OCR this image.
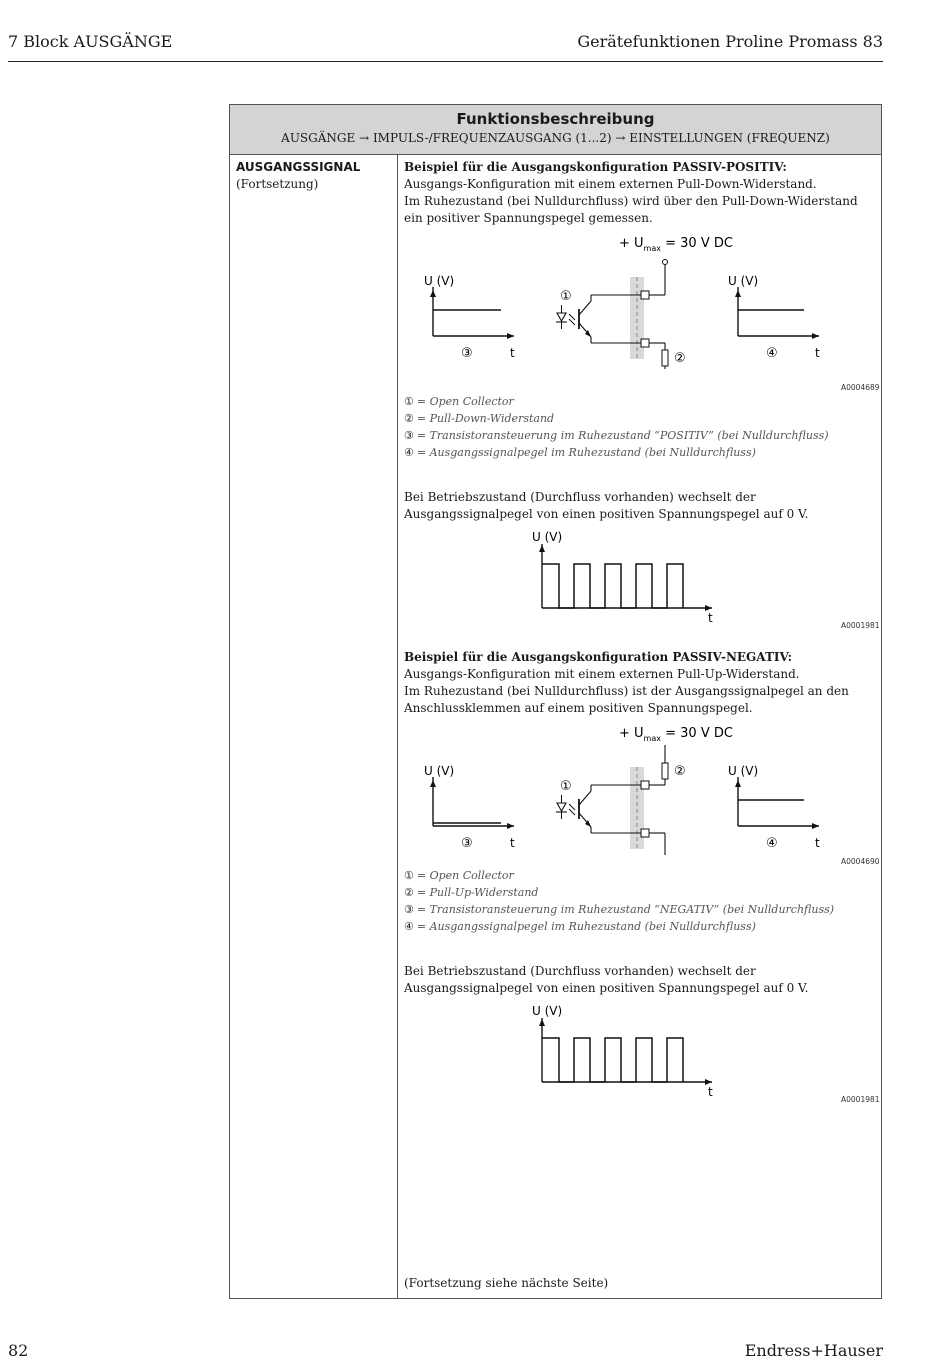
7 Block AUSGÄNGE	Gerätefunktionen Proline Promass 83
Funktionsbeschreibung
AUSGÄNGE → IMPULS-/FREQUENZAUSGANG (1...2) → EINSTELLUNGEN (FREQUENZ)
AUSGANGSSIGNAL
(Fortsetzung)

Beispiel für die Ausgangskonfiguration PASSIV-POSITIV:

Ausgangs-Konfiguration mit einem externen Pull-Down-Widerstand.

Im Ruhezustand (bei Nulldurchfluss) wird über den Pull-Down-Widerstand ein positiver Spannungspegel gemessen.

+ $U_{max} = 30$ V DC
U (V)
③	t
①
②
U (V)
④	t
A0004689
① = Open Collector
② = Pull-Down-Widerstand
③ = Transistoransteuerung im Ruhezustand “POSITIV” (bei Nulldurchfluss)
④ = Ausgangssignalpegel im Ruhezustand (bei Nulldurchfluss)
Bei Betriebszustand (Durchfluss vorhanden) wechselt der Ausgangssignalpegel von einen positiven Spannungspegel auf 0 V.
U (V)
t
A0001981

Beispiel für die Ausgangskonfiguration PASSIV-NEGATIV:

Ausgangs-Konfiguration mit einem externen Pull-Up-Widerstand.

Im Ruhezustand (bei Nulldurchfluss) ist der Ausgangssignalpegel an den Anschlussklemmen auf einem positiven Spannungspegel.

+ $U_{max} = 30$ V DC
U (V)
③	t
①
②	U (V)
④	t
A0004690
① = Open Collector
② = Pull-Up-Widerstand
③ = Transistoransteuerung im Ruhezustand “NEGATIV” (bei Nulldurchfluss)
④ = Ausgangssignalpegel im Ruhezustand (bei Nulldurchfluss)
Bei Betriebszustand (Durchfluss vorhanden) wechselt der Ausgangssignalpegel von einen positiven Spannungspegel auf 0 V.
U (V)
t
A0001981
(Fortsetzung siehe nächste Seite)
82	Endress+Hauser
